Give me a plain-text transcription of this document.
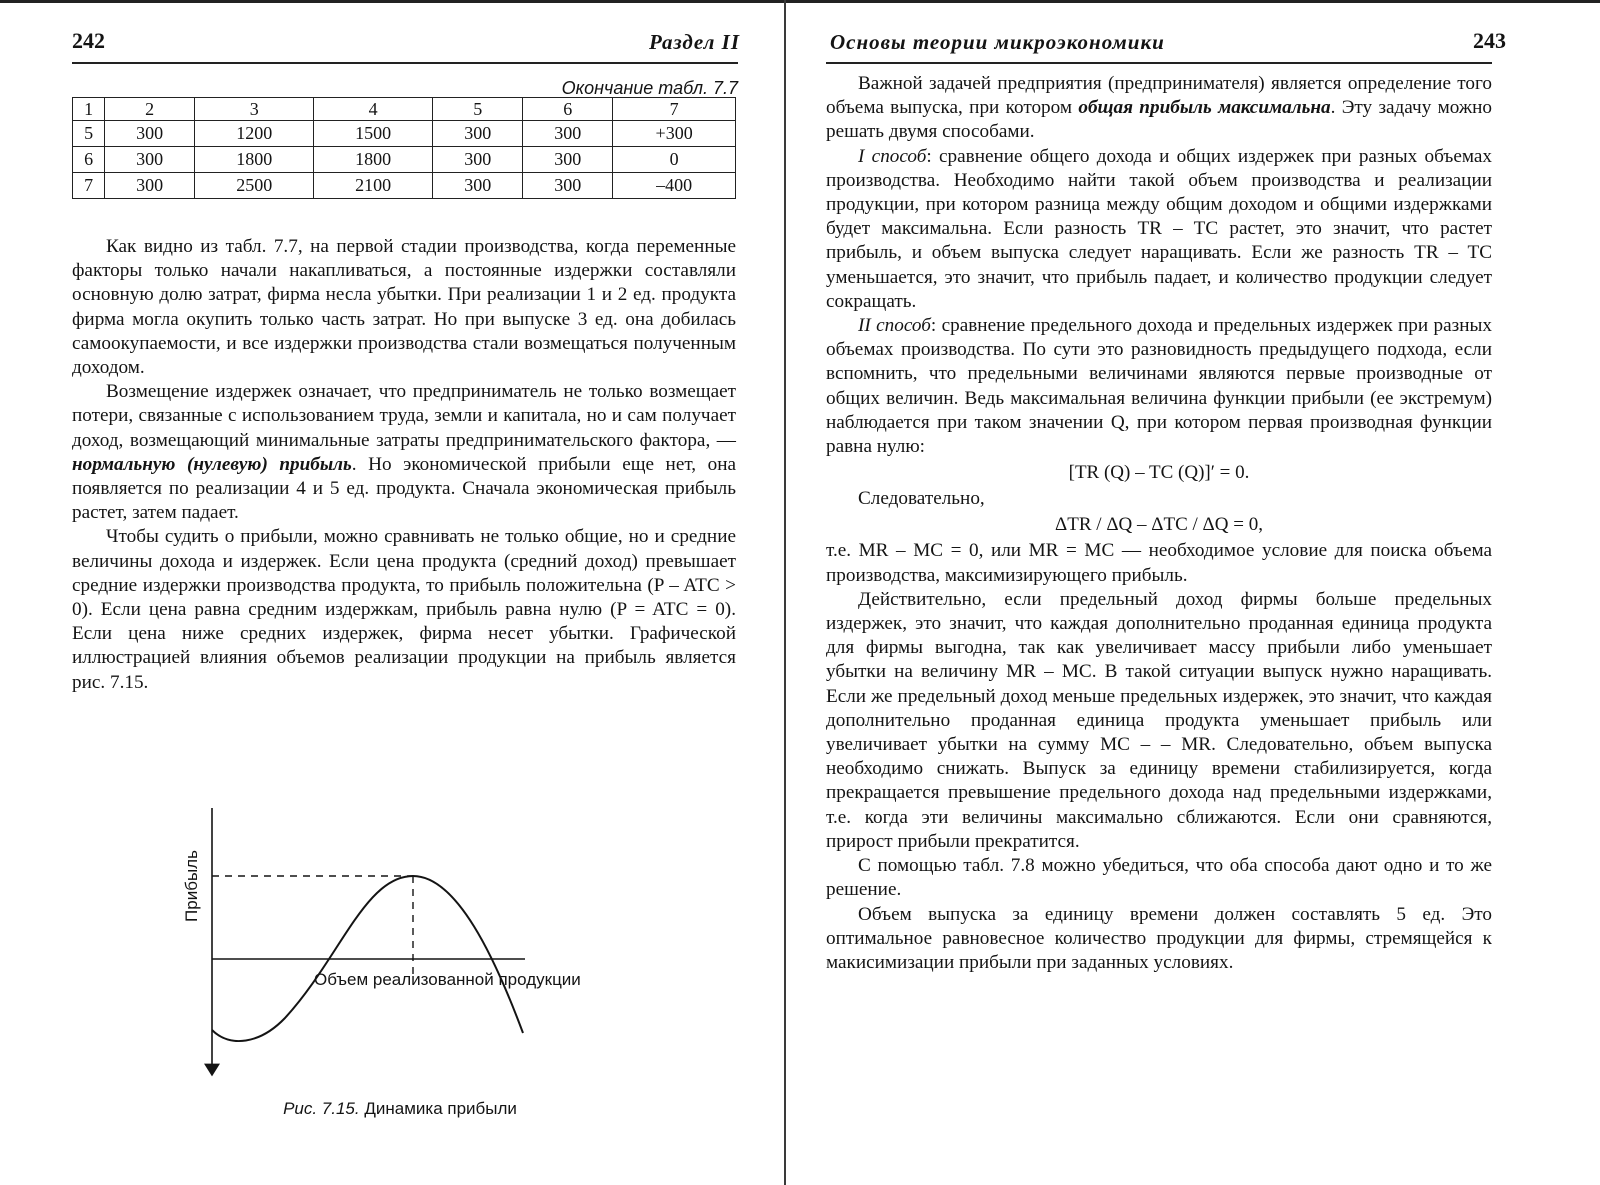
242	Раздел II
Окончание табл. 7.7
1	2	3	4	5	6	7
5	300	1200	1500	300	300	+300
6	300	1800	1800	300	300	0
7	300	2500	2100	300	300	–400

Как видно из табл. 7.7, на первой стадии производства, когда переменные факторы только начали накапливаться, а постоянные издержки составляли основную долю затрат, фирма несла убытки. При реализации 1 и 2 ед. продукта фирма могла окупить только часть затрат. Но при выпуске 3 ед. она добилась самоокупаемости, и все издержки производства стали возмещаться полученным доходом.

Возмещение издержек означает, что предприниматель не только возмещает потери, связанные с использованием труда, земли и капитала, но и сам получает доход, возмещающий минимальные затраты предпринимательского фактора, — нормальную (нулевую) прибыль. Но экономической прибыли еще нет, она появляется по реализации 4 и 5 ед. продукта. Сначала экономическая прибыль растет, затем падает.

Чтобы судить о прибыли, можно сравнивать не только общие, но и средние величины дохода и издержек. Если цена продукта (средний доход) превышает средние издержки производства продукта, то прибыль положительна (P – ATC > 0). Если цена равна средним издержкам, прибыль равна нулю (P = ATC = 0). Если цена ниже средних издержек, фирма несет убытки. Графической иллюстрацией влияния объемов реализации продукции на прибыль является рис. 7.15.

Прибыль
Объем реализованной продукции
Рис. 7.15. Динамика прибыли
Основы теории микроэкономики	243

Важной задачей предприятия (предпринимателя) является определение того объема выпуска, при котором общая прибыль максимальна. Эту задачу можно решать двумя способами.

I способ: сравнение общего дохода и общих издержек при разных объемах производства. Необходимо найти такой объем производства и реализации продукции, при котором разница между общим доходом и общими издержками будет максимальна. Если разность TR – TC растет, это значит, что растет прибыль, и объем выпуска следует наращивать. Если же разность TR – TC уменьшается, это значит, что прибыль падает, и количество продукции следует сокращать.

II способ: сравнение предельного дохода и предельных издержек при разных объемах производства. По сути это разновидность предыдущего подхода, если вспомнить, что предельными величинами являются первые производные от общих величин. Ведь максимальная величина функции прибыли (ее экстремум) наблюдается при таком значении Q, при котором первая производная функции равна нулю:

[TR (Q) – TC (Q)]′ = 0.

Следовательно,

ΔTR / ΔQ – ΔTC / ΔQ = 0,

т.е. MR – MC = 0, или MR = MC — необходимое условие для поиска объема производства, максимизирующего прибыль.

Действительно, если предельный доход фирмы больше предельных издержек, это значит, что каждая дополнительно проданная единица продукта для фирмы выгодна, так как увеличивает массу прибыли либо уменьшает убытки на величину MR – MC. В такой ситуации выпуск нужно наращивать. Если же предельный доход меньше предельных издержек, это значит, что каждая дополнительно проданная единица продукта уменьшает прибыль или увеличивает убытки на сумму MC – – MR. Следовательно, объем выпуска необходимо снижать. Выпуск за единицу времени стабилизируется, когда прекращается превышение предельного дохода над предельными издержками, т.е. когда эти величины максимально сближаются. Если они сравняются, прирост прибыли прекратится.

С помощью табл. 7.8 можно убедиться, что оба способа дают одно и то же решение.

Объем выпуска за единицу времени должен составлять 5 ед. Это оптимальное равновесное количество продукции для фирмы, стремящейся к макисимизации прибыли при заданных условиях.
